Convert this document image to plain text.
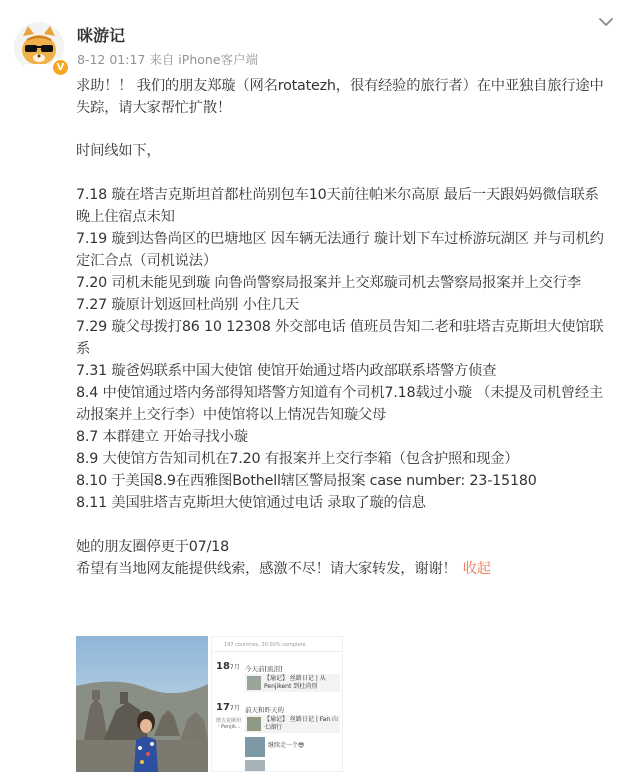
V
咪游记
8-12 01:17 来自 iPhone客户端

求助！！ 我们的朋友郑璇（网名rotatezh，很有经验的旅行者）在中亚独自旅行途中失踪，请大家帮忙扩散！

时间线如下，

7.18 璇在塔吉克斯坦首都杜尚别包车10天前往帕米尔高原 最后一天跟妈妈微信联系 晚上住宿点未知
7.19 璇到达鲁尚区的巴塘地区 因车辆无法通行 璇计划下车过桥游玩湖区 并与司机约定汇合点（司机说法）
7.20 司机未能见到璇 向鲁尚警察局报案并上交郑璇司机去警察局报案并上交行李
7.27 璇原计划返回杜尚别 小住几天
7.29 璇父母拨打86 10 12308 外交部电话 值班员告知二老和驻塔吉克斯坦大使馆联系
7.31 璇爸妈联系中国大使馆 使馆开始通过塔内政部联系塔警方侦查
8.4 中使馆通过塔内务部得知塔警方知道有个司机7.18载过小璇 （未提及司机曾经主动报案并上交行李）中使馆将以上情况告知璇父母
8.7 本群建立 开始寻找小璇
8.9 大使馆方告知司机在7.20 有报案并上交行李箱（包含护照和现金）
8.10 于美国8.9在西雅图Bothell辖区警局报案 case number: 23-15180
8.11 美国驻塔吉克斯坦大使馆通过电话 录取了璇的信息

她的朋友圈停更于07/18

希望有当地网友能提供线索，感激不尽！请大家转发，谢谢！ 收起

197 countries, 30.00% complete
187月 今天前[流泪]
【瑜记】 丝路日记 | 从
Penjikent 到杜尚别
177月 前天和昨天的
塔吉克斯坦
・Penjik...
【瑜记】 丝路日记 | Fan 山
七湖行
继续走一个😎
